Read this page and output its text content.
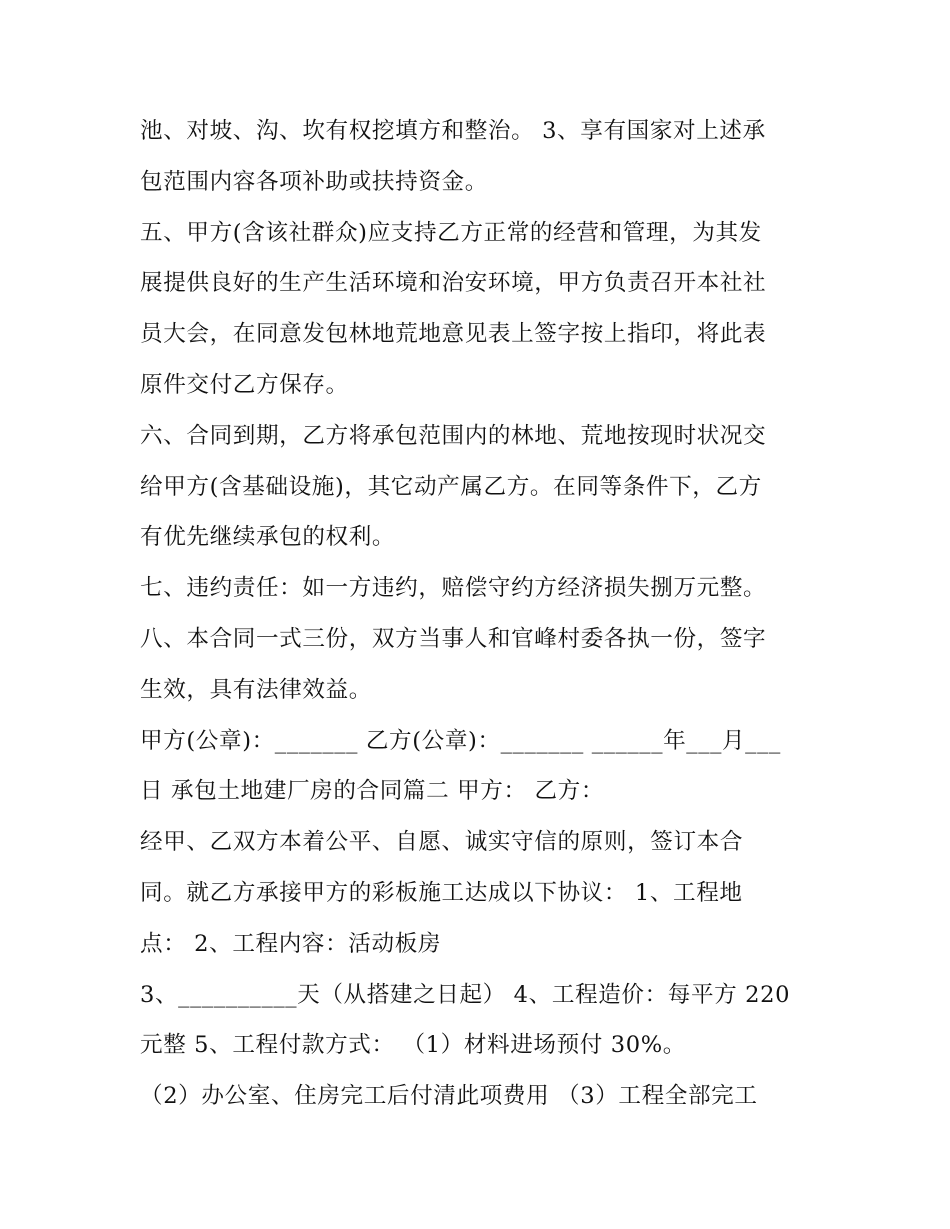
池、对坡、沟、坎有权挖填方和整治。 3、享有国家对上述承
包范围内容各项补助或扶持资金。
五、甲方(含该社群众)应支持乙方正常的经营和管理，为其发
展提供良好的生产生活环境和治安环境，甲方负责召开本社社
员大会，在同意发包林地荒地意见表上签字按上指印，将此表
原件交付乙方保存。
六、合同到期，乙方将承包范围内的林地、荒地按现时状况交
给甲方(含基础设施)，其它动产属乙方。在同等条件下，乙方
有优先继续承包的权利。
七、违约责任：如一方违约，赔偿守约方经济损失捌万元整。
八、本合同一式三份，双方当事人和官峰村委各执一份，签字
生效，具有法律效益。
甲方(公章)：_______ 乙方(公章)：_______ ______年___月___
日 承包土地建厂房的合同篇二 甲方： 乙方：
经甲、乙双方本着公平、自愿、诚实守信的原则，签订本合
同。就乙方承接甲方的彩板施工达成以下协议： 1、工程地
点： 2、工程内容：活动板房
3、__________天（从搭建之日起） 4、工程造价：每平方 220
元整 5、工程付款方式： （1）材料进场预付 30%。
（2）办公室、住房完工后付清此项费用 （3）工程全部完工
